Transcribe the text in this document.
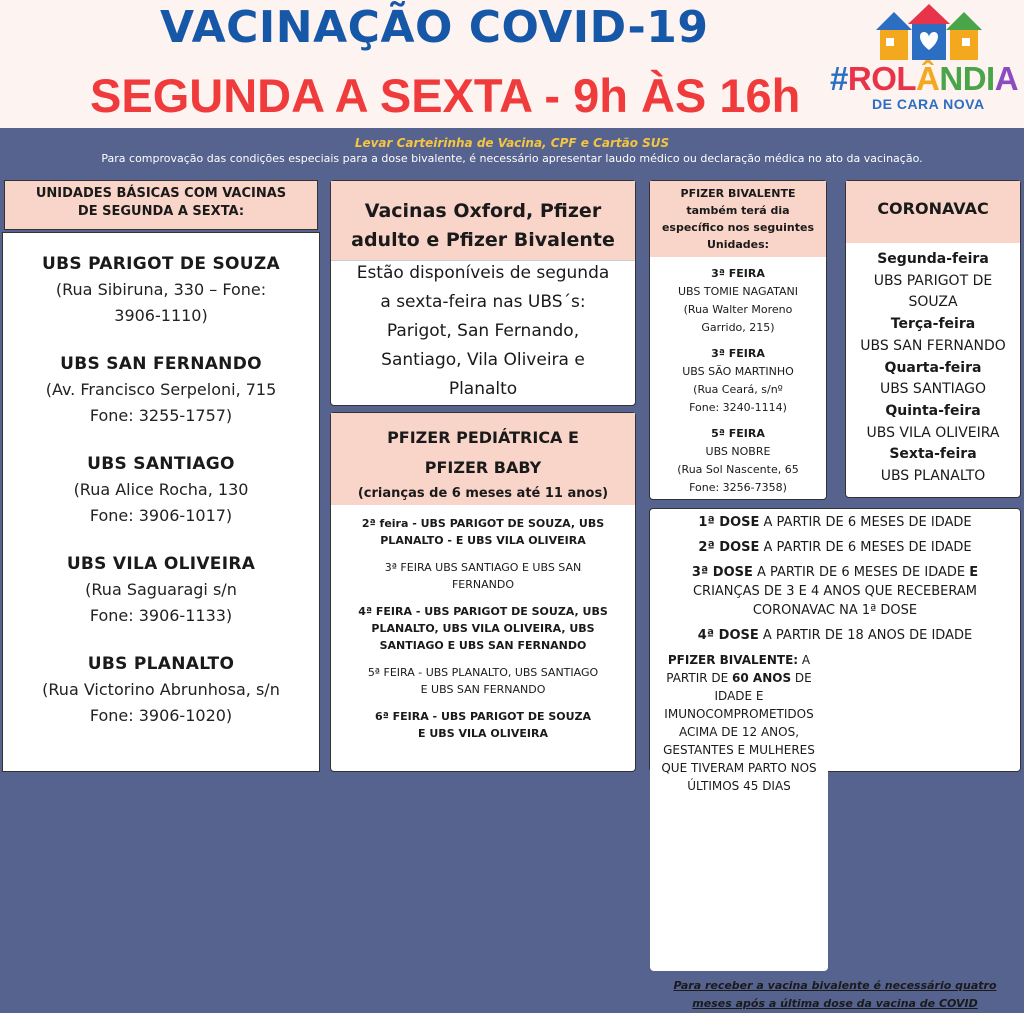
VACINAÇÃO COVID-19
SEGUNDA A SEXTA - 9h ÀS 16h #ROLÂNDIA
DE CARA NOVA
Levar Carteirinha de Vacina, CPF e Cartão SUS
Para comprovação das condições especiais para a dose bivalente, é necessário apresentar laudo médico ou declaração médica no ato da vacinação.
UNIDADES BÁSICAS COM VACINAS
DE SEGUNDA A SEXTA:
UBS PARIGOT DE SOUZA
(Rua Sibiruna, 330 – Fone:
3906-1110)
UBS SAN FERNANDO
(Av. Francisco Serpeloni, 715
Fone: 3255-1757)
UBS SANTIAGO
(Rua Alice Rocha, 130
Fone: 3906-1017)
UBS VILA OLIVEIRA
(Rua Saguaragi s/n
Fone: 3906-1133)
UBS PLANALTO
(Rua Victorino Abrunhosa, s/n
Fone: 3906-1020)
Vacinas Oxford, Pfizer
adulto e Pfizer Bivalente
Estão disponíveis de segunda
a sexta-feira nas UBS´s:
Parigot, San Fernando,
Santiago, Vila Oliveira e
Planalto
PFIZER PEDIÁTRICA E
PFIZER BABY
(crianças de 6 meses até 11 anos)
2ª feira - UBS PARIGOT DE SOUZA, UBS
PLANALTO - E UBS VILA OLIVEIRA
3ª FEIRA UBS SANTIAGO E UBS SAN
FERNANDO
4ª FEIRA - UBS PARIGOT DE SOUZA, UBS
PLANALTO, UBS VILA OLIVEIRA, UBS
SANTIAGO E UBS SAN FERNANDO
5ª FEIRA - UBS PLANALTO, UBS SANTIAGO
E UBS SAN FERNANDO
6ª FEIRA - UBS PARIGOT DE SOUZA
E UBS VILA OLIVEIRA
PFIZER BIVALENTE
também terá dia
específico nos seguintes
Unidades:
3ª FEIRA
UBS TOMIE NAGATANI
(Rua Walter Moreno
Garrido, 215)
3ª FEIRA
UBS SÃO MARTINHO
(Rua Ceará, s/nº
Fone: 3240-1114)
5ª FEIRA
UBS NOBRE
(Rua Sol Nascente, 65
Fone: 3256-7358)
CORONAVAC
Segunda-feira
UBS PARIGOT DE
SOUZA
Terça-feira
UBS SAN FERNANDO
Quarta-feira
UBS SANTIAGO
Quinta-feira
UBS VILA OLIVEIRA
Sexta-feira
UBS PLANALTO
1ª DOSE A PARTIR DE 6 MESES DE IDADE
2ª DOSE A PARTIR DE 6 MESES DE IDADE
3ª DOSE A PARTIR DE 6 MESES DE IDADE E
CRIANÇAS DE 3 E 4 ANOS QUE RECEBERAM
CORONAVAC NA 1ª DOSE
4ª DOSE A PARTIR DE 18 ANOS DE IDADE
PFIZER BIVALENTE: A PARTIR DE 60 ANOS DE IDADE E
IMUNOCOMPROMETIDOS ACIMA DE 12 ANOS,
GESTANTES E MULHERES QUE TIVERAM PARTO NOS
ÚLTIMOS 45 DIAS
Para receber a vacina bivalente é necessário quatro
meses após a última dose da vacina de COVID
